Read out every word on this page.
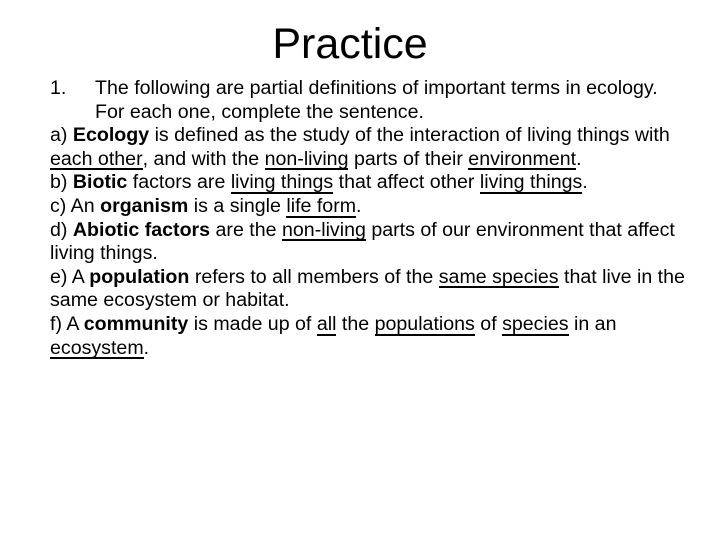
Practice
1.	The following are partial definitions of important terms in ecology. For each one, complete the sentence.

a) Ecology is defined as the study of the interaction of living things with each other, and with the non-living parts of their environment.

b) Biotic factors are living things that affect other living things.

c) An organism is a single life form.

d) Abiotic factors are the non-living parts of our environment that affect living things.

e) A population refers to all members of the same species that live in the same ecosystem or habitat.

f) A community is made up of all the populations of species in an ecosystem.
